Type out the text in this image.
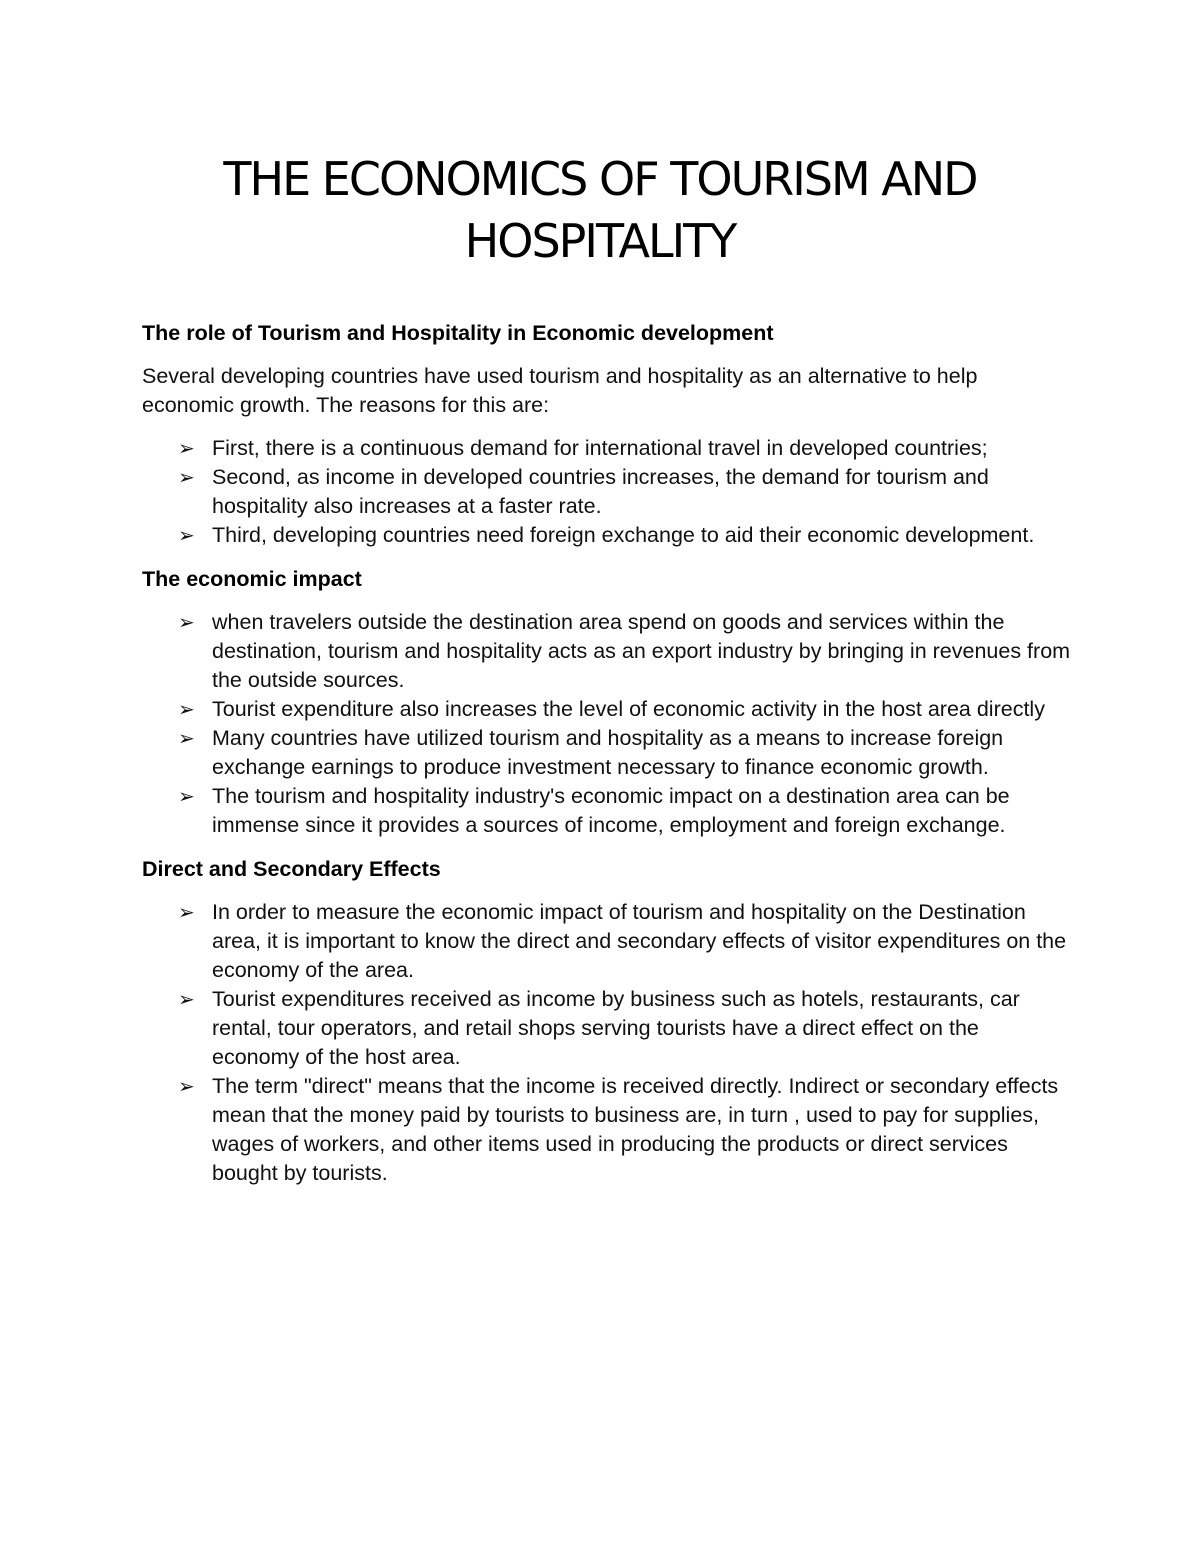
THE ECONOMICS OF TOURISM AND
HOSPITALITY
The role of Tourism and Hospitality in Economic development

Several developing countries have used tourism and hospitality as an alternative to help economic growth. The reasons for this are:

➢ First, there is a continuous demand for international travel in developed countries;
➢ Second, as income in developed countries increases, the demand for tourism and hospitality also increases at a faster rate.
➢ Third, developing countries need foreign exchange to aid their economic development.
The economic impact
➢ when travelers outside the destination area spend on goods and services within the destination, tourism and hospitality acts as an export industry by bringing in revenues from the outside sources.
➢ Tourist expenditure also increases the level of economic activity in the host area directly
➢ Many countries have utilized tourism and hospitality as a means to increase foreign exchange earnings to produce investment necessary to finance economic growth.
➢ The tourism and hospitality industry's economic impact on a destination area can be immense since it provides a sources of income, employment and foreign exchange.
Direct and Secondary Effects
➢ In order to measure the economic impact of tourism and hospitality on the Destination area, it is important to know the direct and secondary effects of visitor expenditures on the economy of the area.
➢ Tourist expenditures received as income by business such as hotels, restaurants, car rental, tour operators, and retail shops serving tourists have a direct effect on the economy of the host area.
➢ The term "direct" means that the income is received directly. Indirect or secondary effects mean that the money paid by tourists to business are, in turn , used to pay for supplies, wages of workers, and other items used in producing the products or direct services bought by tourists.
